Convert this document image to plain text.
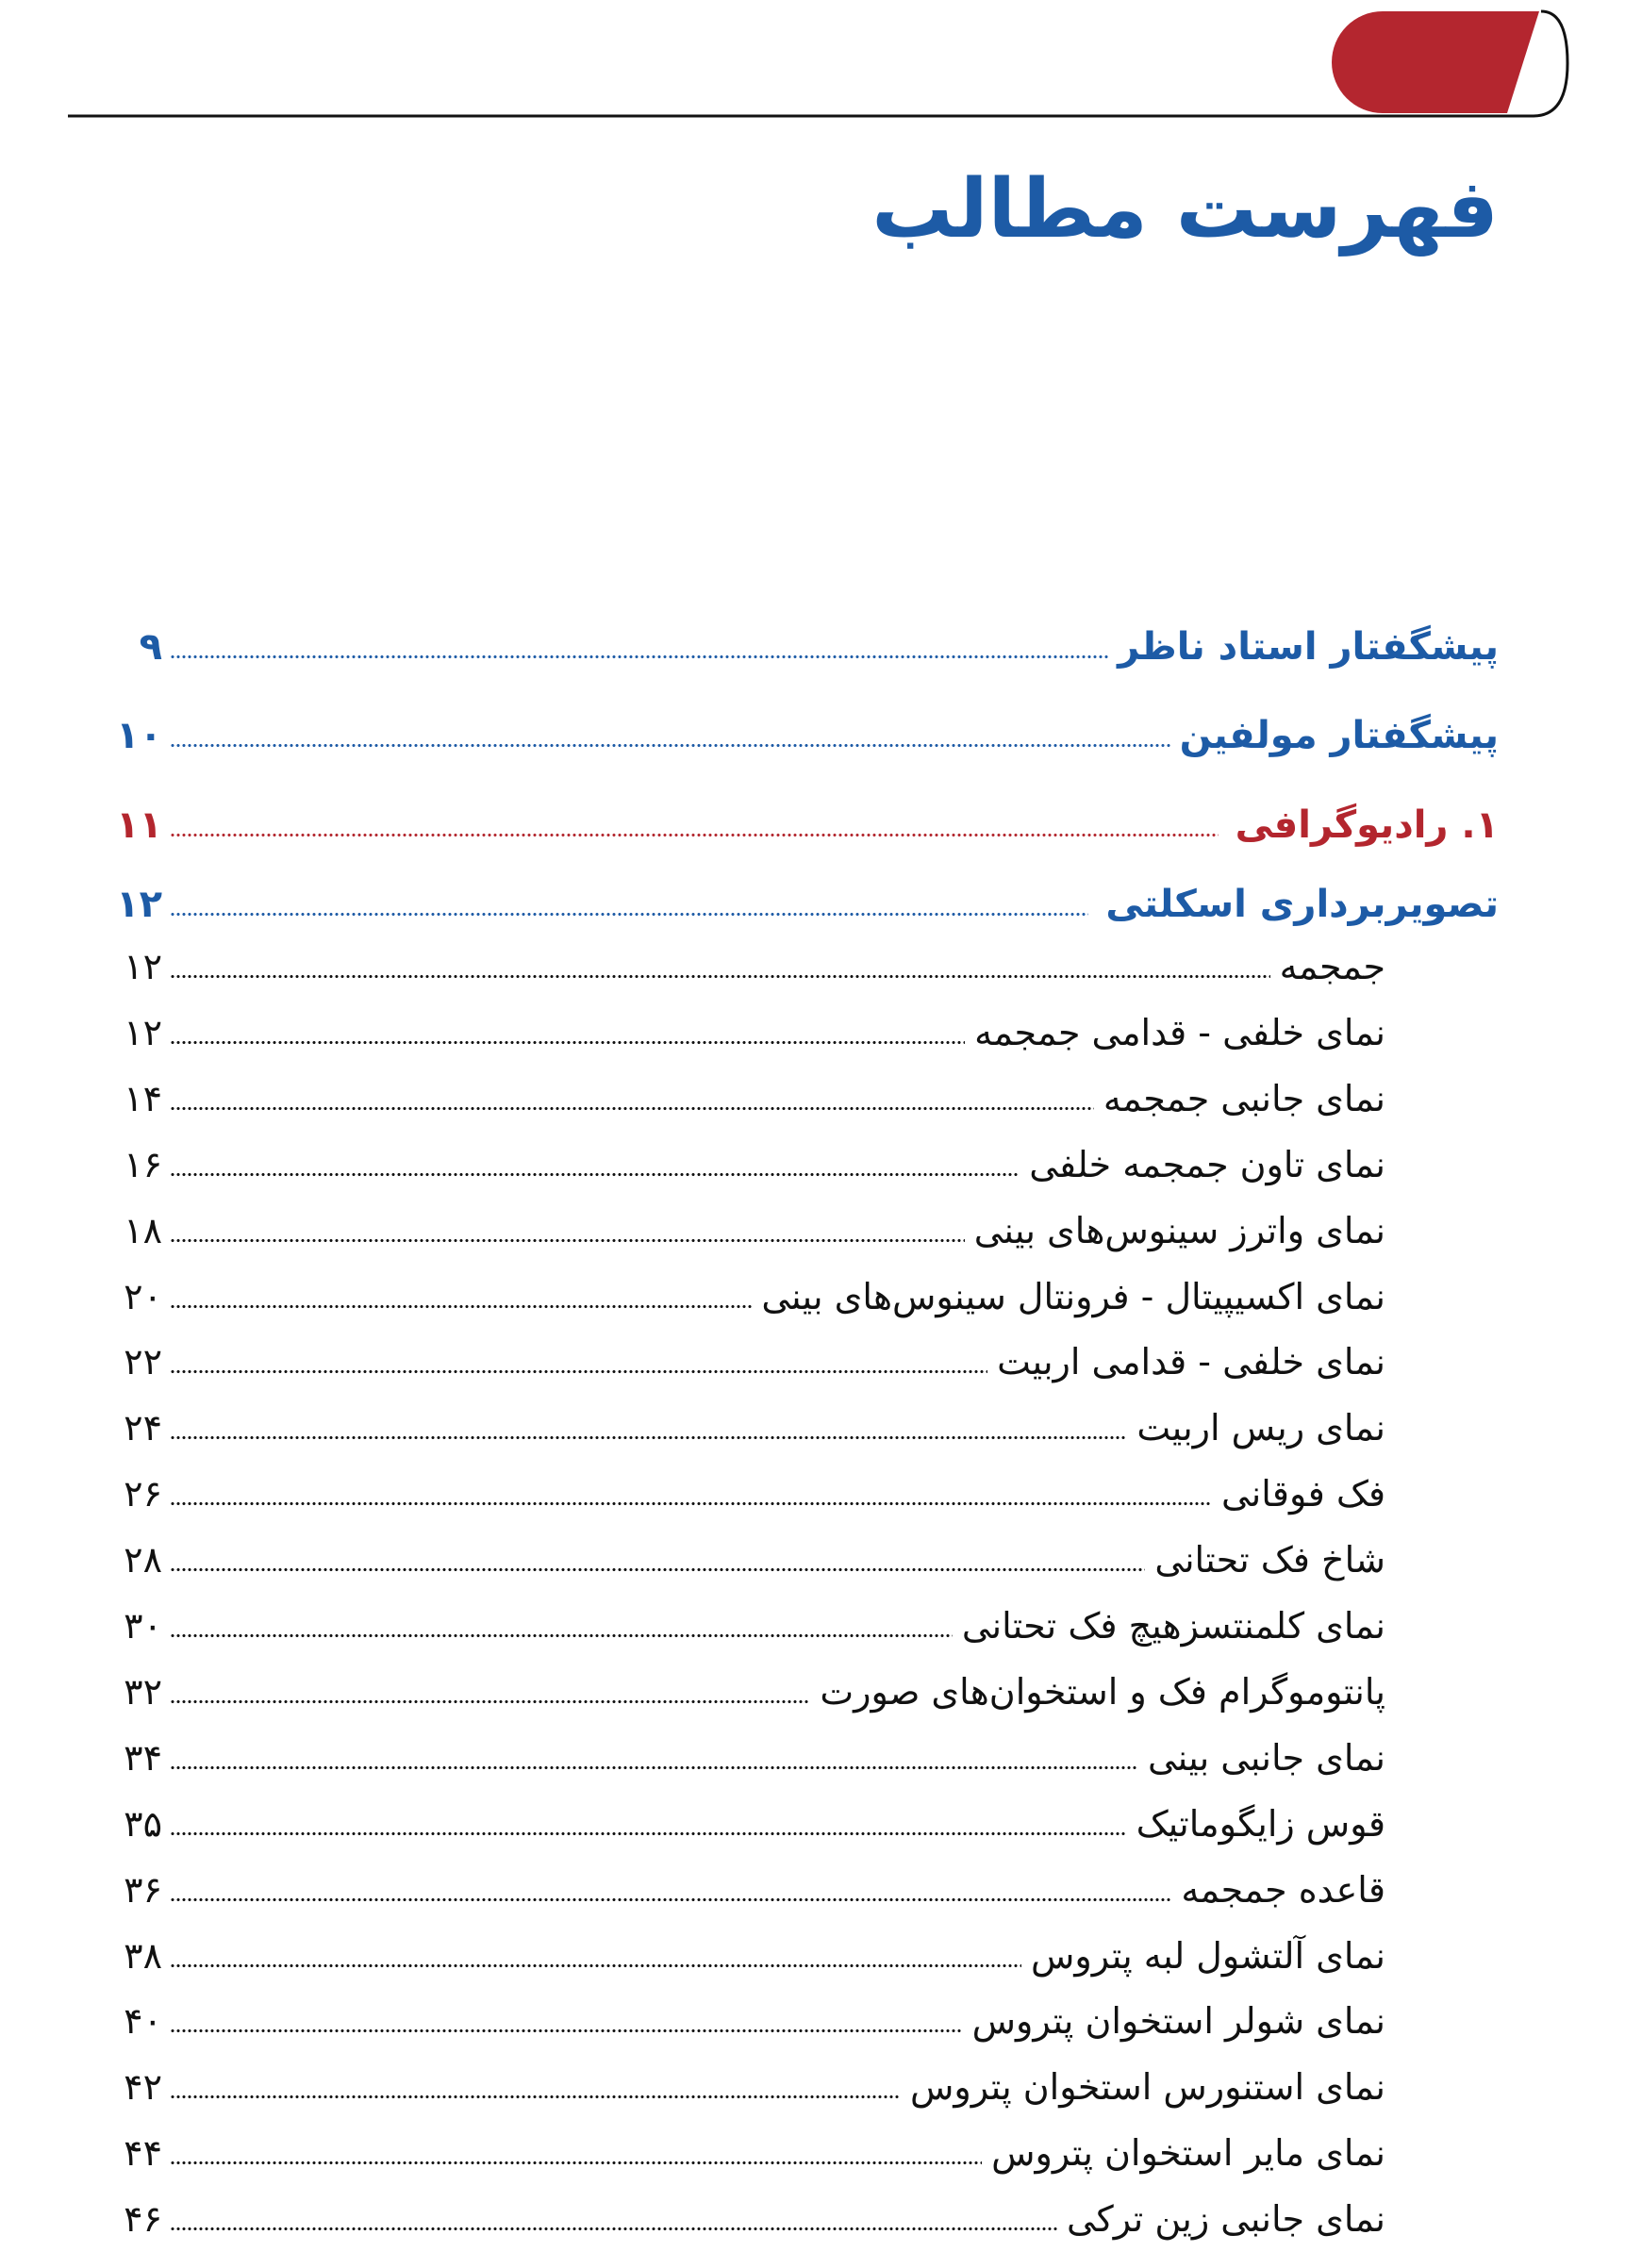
فهرست مطالب
پیشگفتار استاد ناظر
۹
پیشگفتار مولفین
۱۰
۱. رادیوگرافی
۱۱
تصویربرداری اسکلتی
۱۲
جمجمه
۱۲
نمای خلفی - قدامی جمجمه
۱۲
نمای جانبی جمجمه
۱۴
نمای تاون جمجمه خلفی
۱۶
نمای واترز سینوس‌های بینی
۱۸
نمای اکسیپیتال - فرونتال سینوس‌های بینی
۲۰
نمای خلفی - قدامی اربیت
۲۲
نمای ریس اربیت
۲۴
فک فوقانی
۲۶
شاخ فک تحتانی
۲۸
نمای کلمنتسزهیچ فک تحتانی
۳۰
پانتوموگرام فک و استخوان‌های صورت
۳۲
نمای جانبی بینی
۳۴
قوس زایگوماتیک
۳۵
قاعده جمجمه
۳۶
نمای آلتشول لبه پتروس
۳۸
نمای شولر استخوان پتروس
۴۰
نمای استنورس استخوان پتروس
۴۲
نمای مایر استخوان پتروس
۴۴
نمای جانبی زین ترکی
۴۶
